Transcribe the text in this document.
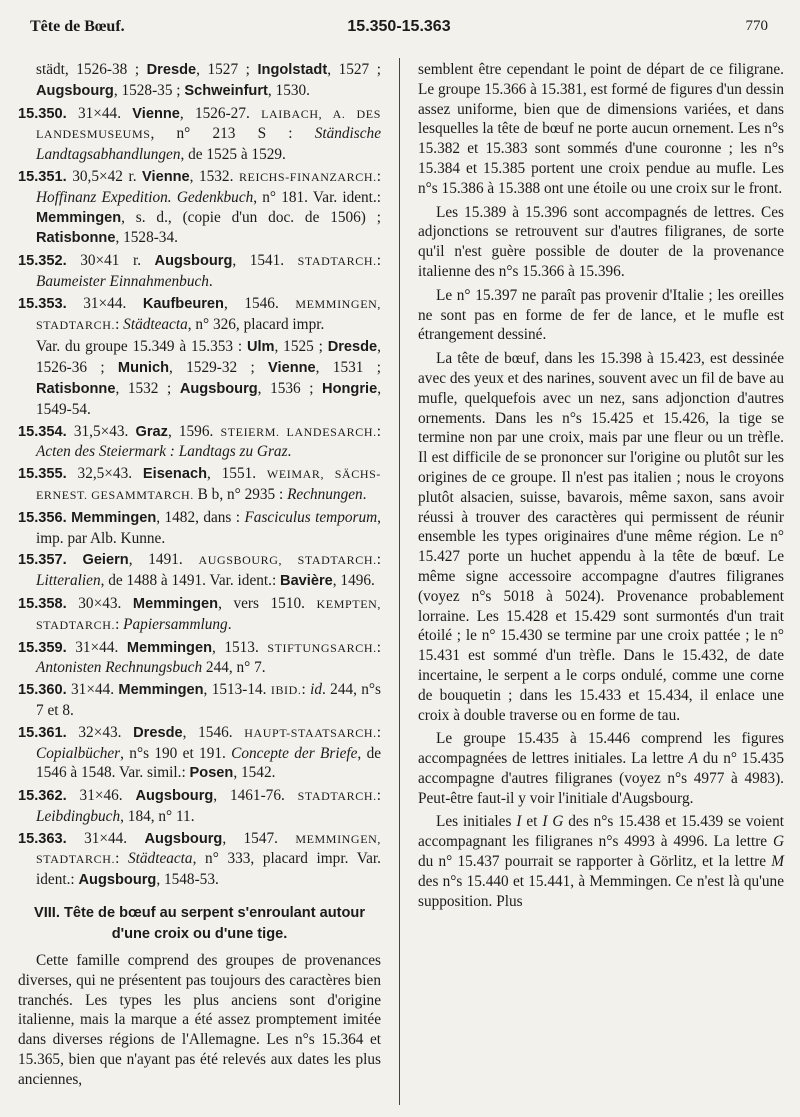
Tête de Bœuf.	15.350-15.363	770
städt, 1526-38 ; Dresde, 1527 ; Ingolstadt, 1527 ; Augsbourg, 1528-35 ; Schweinfurt, 1530.
15.350. 31×44. Vienne, 1526-27. LAIBACH, A. DES LANDESMUSEUMS, n° 213 S : Ständische Landtagsabhandlungen, de 1525 à 1529.
15.351. 30,5×42 r. Vienne, 1532. REICHS-FINANZARCH.: Hoffinanz Expedition. Gedenkbuch, n° 181. Var. ident.: Memmingen, s. d., (copie d'un doc. de 1506) ; Ratisbonne, 1528-34.
15.352. 30×41 r. Augsbourg, 1541. STADTARCH.: Baumeister Einnahmenbuch.
15.353. 31×44. Kaufbeuren, 1546. MEMMINGEN, STADTARCH.: Städteacta, n° 326, placard impr.
Var. du groupe 15.349 à 15.353 : Ulm, 1525 ; Dresde, 1526-36 ; Munich, 1529-32 ; Vienne, 1531 ; Ratisbonne, 1532 ; Augsbourg, 1536 ; Hongrie, 1549-54.
15.354. 31,5×43. Graz, 1596. STEIERM. LANDESARCH.: Acten des Steiermark : Landtags zu Graz.
15.355. 32,5×43. Eisenach, 1551. WEIMAR, SÄCHS-ERNEST. GESAMMTARCH. B b, n° 2935 : Rechnungen.
15.356. Memmingen, 1482, dans : Fasciculus temporum, imp. par Alb. Kunne.
15.357. Geiern, 1491. AUGSBOURG, STADTARCH.: Litteralien, de 1488 à 1491. Var. ident.: Bavière, 1496.
15.358. 30×43. Memmingen, vers 1510. KEMPTEN, STADTARCH.: Papiersammlung.
15.359. 31×44. Memmingen, 1513. STIFTUNGSARCH.: Antonisten Rechnungsbuch 244, n° 7.
15.360. 31×44. Memmingen, 1513-14. IBID.: id. 244, n°s 7 et 8.
15.361. 32×43. Dresde, 1546. HAUPT-STAATSARCH.: Copialbücher, n°s 190 et 191. Concepte der Briefe, de 1546 à 1548. Var. simil.: Posen, 1542.
15.362. 31×46. Augsbourg, 1461-76. STADTARCH.: Leibdingbuch, 184, n° 11.
15.363. 31×44. Augsbourg, 1547. MEMMINGEN, STADTARCH.: Städteacta, n° 333, placard impr. Var. ident.: Augsbourg, 1548-53.
VIII. Tête de bœuf au serpent s'enroulant autour d'une croix ou d'une tige.
Cette famille comprend des groupes de provenances diverses, qui ne présentent pas toujours des caractères bien tranchés. Les types les plus anciens sont d'origine italienne, mais la marque a été assez promptement imitée dans diverses régions de l'Allemagne. Les n°s 15.364 et 15.365, bien que n'ayant pas été relevés aux dates les plus anciennes,
semblent être cependant le point de départ de ce filigrane. Le groupe 15.366 à 15.381, est formé de figures d'un dessin assez uniforme, bien que de dimensions variées, et dans lesquelles la tête de bœuf ne porte aucun ornement. Les n°s 15.382 et 15.383 sont sommés d'une couronne ; les n°s 15.384 et 15.385 portent une croix pendue au mufle. Les n°s 15.386 à 15.388 ont une étoile ou une croix sur le front.
Les 15.389 à 15.396 sont accompagnés de lettres. Ces adjonctions se retrouvent sur d'autres filigranes, de sorte qu'il n'est guère possible de douter de la provenance italienne des n°s 15.366 à 15.396.
Le n° 15.397 ne paraît pas provenir d'Italie ; les oreilles ne sont pas en forme de fer de lance, et le mufle est étrangement dessiné.
La tête de bœuf, dans les 15.398 à 15.423, est dessinée avec des yeux et des narines, souvent avec un fil de bave au mufle, quelquefois avec un nez, sans adjonction d'autres ornements. Dans les n°s 15.425 et 15.426, la tige se termine non par une croix, mais par une fleur ou un trèfle. Il est difficile de se prononcer sur l'origine ou plutôt sur les origines de ce groupe. Il n'est pas italien ; nous le croyons plutôt alsacien, suisse, bavarois, même saxon, sans avoir réussi à trouver des caractères qui permissent de réunir ensemble les types originaires d'une même région. Le n° 15.427 porte un huchet appendu à la tête de bœuf. Le même signe accessoire accompagne d'autres filigranes (voyez n°s 5018 à 5024). Provenance probablement lorraine. Les 15.428 et 15.429 sont surmontés d'un trait étoilé ; le n° 15.430 se termine par une croix pattée ; le n° 15.431 est sommé d'un trèfle. Dans le 15.432, de date incertaine, le serpent a le corps ondulé, comme une corne de bouquetin ; dans les 15.433 et 15.434, il enlace une croix à double traverse ou en forme de tau.
Le groupe 15.435 à 15.446 comprend les figures accompagnées de lettres initiales. La lettre A du n° 15.435 accompagne d'autres filigranes (voyez n°s 4977 à 4983). Peut-être faut-il y voir l'initiale d'Augsbourg.
Les initiales I et I G des n°s 15.438 et 15.439 se voient accompagnant les filigranes n°s 4993 à 4996. La lettre G du n° 15.437 pourrait se rapporter à Görlitz, et la lettre M des n°s 15.440 et 15.441, à Memmingen. Ce n'est là qu'une supposition. Plus
